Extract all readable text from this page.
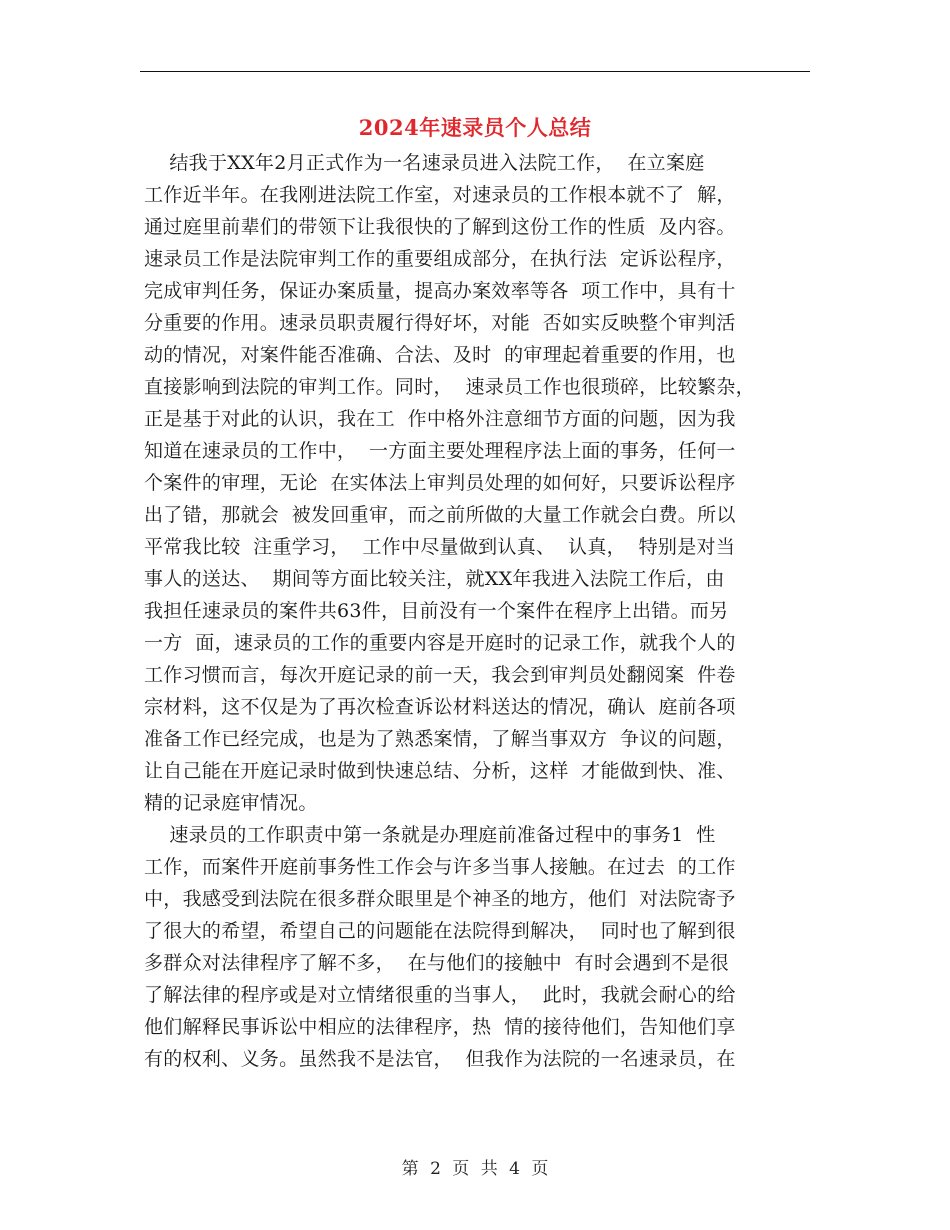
2024年速录员个人总结
结我于XX年2月正式作为一名速录员进入法院工作，  在立案庭
工作近半年。在我刚进法院工作室，对速录员的工作根本就不了  解，
通过庭里前辈们的带领下让我很快的了解到这份工作的性质  及内容。
速录员工作是法院审判工作的重要组成部分，在执行法  定诉讼程序，
完成审判任务，保证办案质量，提高办案效率等各  项工作中，具有十
分重要的作用。速录员职责履行得好坏，对能  否如实反映整个审判活
动的情况，对案件能否准确、合法、及时  的审理起着重要的作用，也
直接影响到法院的审判工作。同时，  速录员工作也很琐碎，比较繁杂，
正是基于对此的认识，我在工  作中格外注意细节方面的问题，因为我
知道在速录员的工作中，  一方面主要处理程序法上面的事务，任何一
个案件的审理，无论  在实体法上审判员处理的如何好，只要诉讼程序
出了错，那就会  被发回重审，而之前所做的大量工作就会白费。所以
平常我比较  注重学习，  工作中尽量做到认真、  认真，  特别是对当
事人的送达、  期间等方面比较关注，就XX年我进入法院工作后，由
我担任速录员的案件共63件，目前没有一个案件在程序上出错。而另
一方  面，速录员的工作的重要内容是开庭时的记录工作，就我个人的
工作习惯而言，每次开庭记录的前一天，我会到审判员处翻阅案  件卷
宗材料，这不仅是为了再次检查诉讼材料送达的情况，确认  庭前各项
准备工作已经完成，也是为了熟悉案情，了解当事双方  争议的问题，
让自己能在开庭记录时做到快速总结、分析，这样  才能做到快、准、
精的记录庭审情况。
速录员的工作职责中第一条就是办理庭前准备过程中的事务1  性
工作，而案件开庭前事务性工作会与许多当事人接触。在过去  的工作
中，我感受到法院在很多群众眼里是个神圣的地方，他们  对法院寄予
了很大的希望，希望自己的问题能在法院得到解决，  同时也了解到很
多群众对法律程序了解不多，  在与他们的接触中  有时会遇到不是很
了解法律的程序或是对立情绪很重的当事人，  此时，我就会耐心的给
他们解释民事诉讼中相应的法律程序，热  情的接待他们，告知他们享
有的权利、义务。虽然我不是法官，  但我作为法院的一名速录员，在
第 2 页 共 4 页
